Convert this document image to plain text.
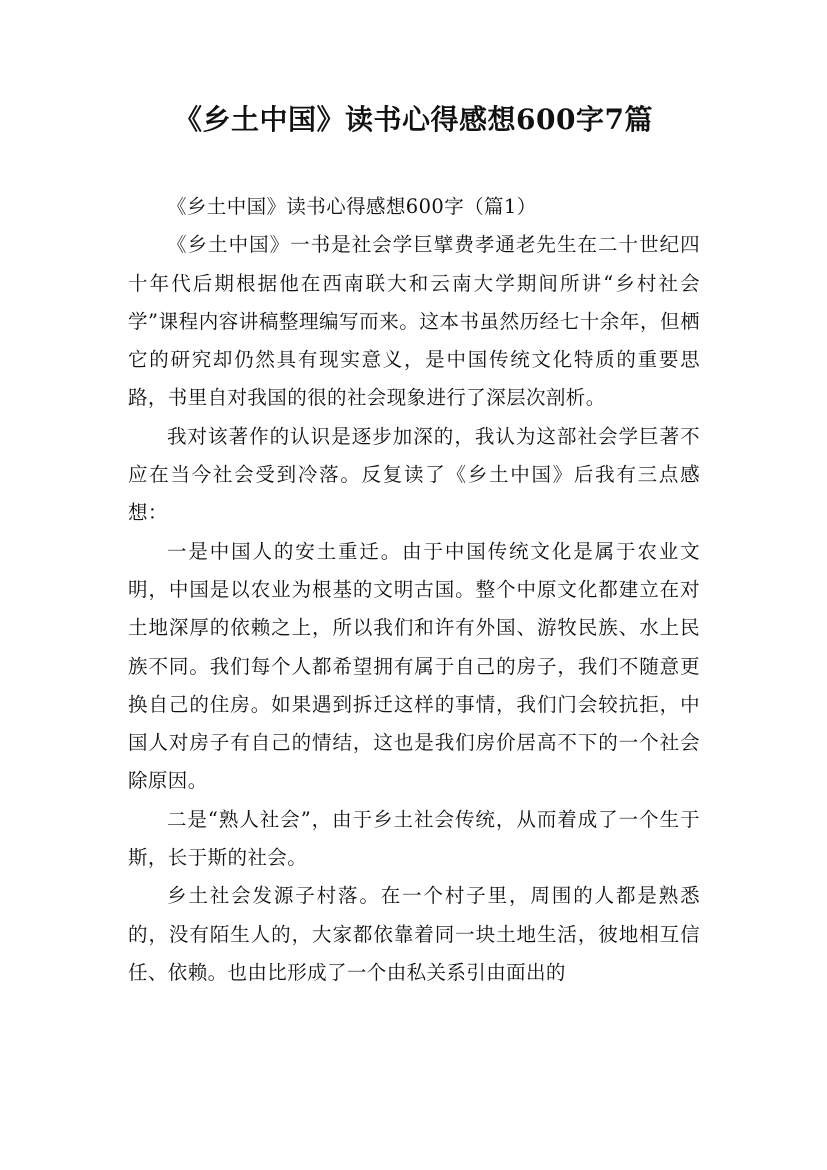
《乡土中国》读书心得感想600字7篇

《乡土中国》读书心得感想600字（篇1）

《乡土中国》一书是社会学巨擘费孝通老先生在二十世纪四十年代后期根据他在西南联大和云南大学期间所讲“乡村社会学”课程内容讲稿整理编写而来。这本书虽然历经七十余年，但栖它的研究却仍然具有现实意义，是中国传统文化特质的重要思路，书里自对我国的很的社会现象进行了深层次剖析。

我对该著作的认识是逐步加深的，我认为这部社会学巨著不应在当今社会受到冷落。反复读了《乡土中国》后我有三点感想：

一是中国人的安土重迁。由于中国传统文化是属于农业文明，中国是以农业为根基的文明古国。整个中原文化都建立在对土地深厚的依赖之上，所以我们和许有外国、游牧民族、水上民族不同。我们每个人都希望拥有属于自己的房子，我们不随意更换自己的住房。如果遇到拆迁这样的事情，我们门会较抗拒，中国人对房子有自己的情结，这也是我们房价居高不下的一个社会除原因。

二是“熟人社会”，由于乡土社会传统，从而着成了一个生于斯，长于斯的社会。

乡土社会发源子村落。在一个村子里，周围的人都是熟悉的，没有陌生人的，大家都依靠着同一块土地生活，彼地相互信任、依赖。也由比形成了一个由私关系引由面出的
